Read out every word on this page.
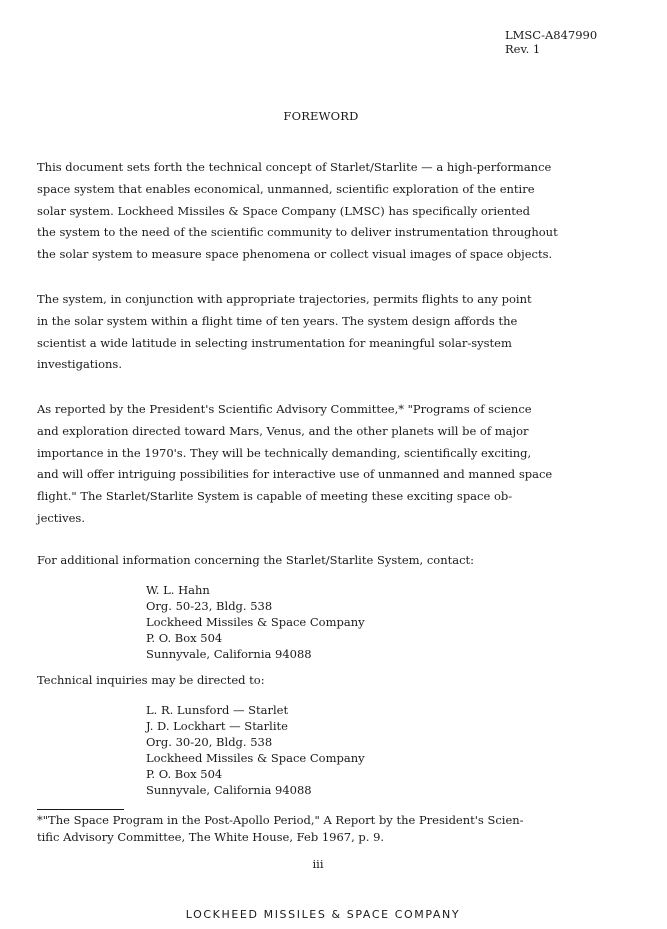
LMSC-A847990
Rev. 1
FOREWORD
This document sets forth the technical concept of Starlet/Starlite — a high-performance
space system that enables economical, unmanned, scientific exploration of the entire
solar system. Lockheed Missiles & Space Company (LMSC) has specifically oriented
the system to the need of the scientific community to deliver instrumentation throughout
the solar system to measure space phenomena or collect visual images of space objects.
The system, in conjunction with appropriate trajectories, permits flights to any point
in the solar system within a flight time of ten years. The system design affords the
scientist a wide latitude in selecting instrumentation for meaningful solar-system
investigations.
As reported by the President's Scientific Advisory Committee,* "Programs of science
and exploration directed toward Mars, Venus, and the other planets will be of major
importance in the 1970's. They will be technically demanding, scientifically exciting,
and will offer intriguing possibilities for interactive use of unmanned and manned space
flight." The Starlet/Starlite System is capable of meeting these exciting space ob-
jectives.
For additional information concerning the Starlet/Starlite System, contact:
W. L. Hahn
Org. 50-23, Bldg. 538
Lockheed Missiles & Space Company
P. O. Box 504
Sunnyvale, California 94088
Technical inquiries may be directed to:
L. R. Lunsford — Starlet
J. D. Lockhart — Starlite
Org. 30-20, Bldg. 538
Lockheed Missiles & Space Company
P. O. Box 504
Sunnyvale, California 94088
*"The Space Program in the Post-Apollo Period," A Report by the President's Scien-
tific Advisory Committee, The White House, Feb 1967, p. 9.
iii
LOCKHEED MISSILES & SPACE COMPANY
